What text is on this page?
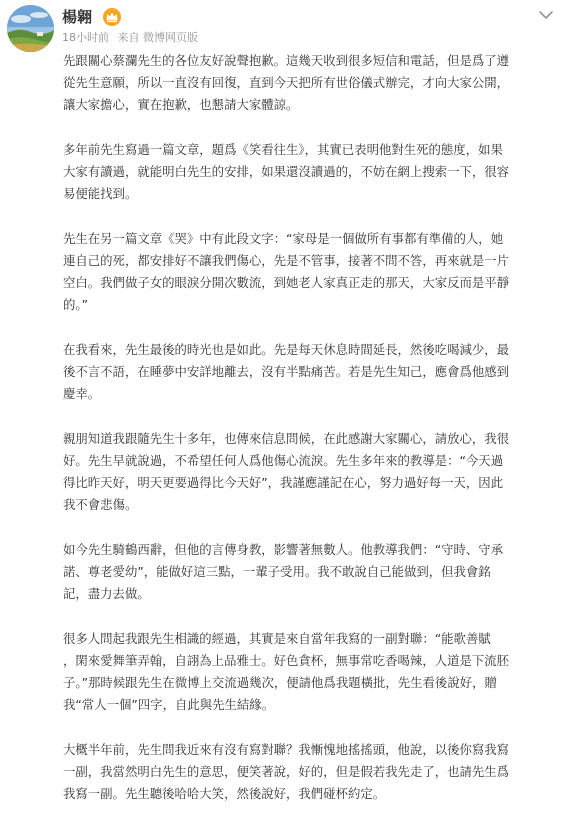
楊翱
18小时前 来自 微博网页版

先跟關心蔡瀾先生的各位友好說聲抱歉。這幾天收到很多短信和電話，但是爲了遵
從先生意願，所以一直沒有回復，直到今天把所有世俗儀式辦完，才向大家公開，
讓大家擔心，實在抱歉，也懇請大家體諒。

多年前先生寫過一篇文章，題爲《笑看往生》，其實已表明他對生死的態度，如果
大家有讀過，就能明白先生的安排，如果還沒讀過的，不妨在網上搜索一下，很容
易便能找到。

先生在另一篇文章《哭》中有此段文字：“家母是一個做所有事都有準備的人，她
連自己的死，都安排好不讓我們傷心，先是不管事，接著不問不答，再來就是一片
空白。我們做子女的眼淚分開次數流，到她老人家真正走的那天，大家反而是平靜
的。”

在我看來，先生最後的時光也是如此。先是每天休息時間延長，然後吃喝減少，最
後不言不語，在睡夢中安詳地離去，沒有半點痛苦。若是先生知己，應會爲他感到
慶幸。

親朋知道我跟隨先生十多年，也傳來信息問候，在此感謝大家關心，請放心，我很
好。先生早就說過，不希望任何人爲他傷心流淚。先生多年來的教導是：“今天過
得比昨天好，明天更要過得比今天好”，我謹應謹記在心，努力過好每一天，因此
我不會悲傷。

如今先生騎鶴西辭，但他的言傳身教，影響著無數人。他教導我們：“守時、守承
諾、尊老愛幼”，能做好這三點，一輩子受用。我不敢說自己能做到，但我會銘
記，盡力去做。

很多人問起我跟先生相識的經過，其實是來自當年我寫的一副對聯：“能歌善賦
，閑來愛舞筆弄翰，自詡為上品雅士。好色貪杯，無事常吃香喝辣，人道是下流胚
子。”那時候跟先生在微博上交流過幾次，便請他爲我題橫批，先生看後說好，贈
我“常人一個”四字，自此與先生結緣。

大概半年前，先生問我近來有沒有寫對聯？我慚愧地搖搖頭，他說，以後你寫我寫
一副，我當然明白先生的意思，便笑著說，好的，但是假若我先走了，也請先生爲
我寫一副。先生聽後哈哈大笑，然後說好，我們碰杯約定。
